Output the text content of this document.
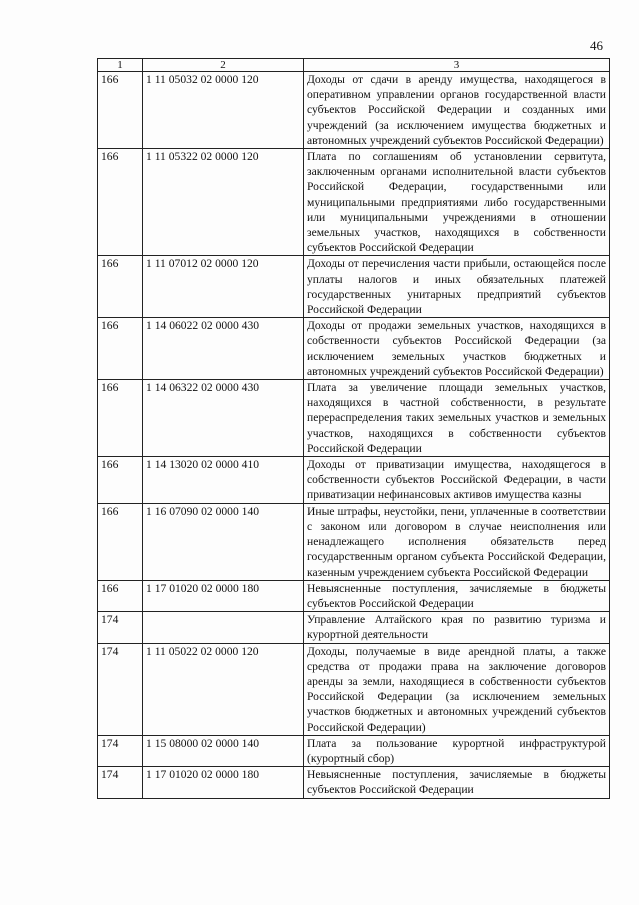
46
1	2	3
166	1 11 05032 02 0000 120	Доходы от сдачи в аренду имущества, находящегося в оперативном управлении органов государственной власти субъектов Российской Федерации и созданных ими учреждений (за исключением имущества бюджетных и автономных учреждений субъектов Российской Федерации)
166	1 11 05322 02 0000 120	Плата по соглашениям об установлении сервитута, заключенным органами исполнительной власти субъектов Российской Федерации, государственными или муниципальными предприятиями либо государственными или муниципальными учреждениями в отношении земельных участков, находящихся в собственности субъектов Российской Федерации
166	1 11 07012 02 0000 120	Доходы от перечисления части прибыли, остающейся после уплаты налогов и иных обязательных платежей государственных унитарных предприятий субъектов Российской Федерации
166	1 14 06022 02 0000 430	Доходы от продажи земельных участков, находящихся в собственности субъектов Российской Федерации (за исключением земельных участков бюджетных и автономных учреждений субъектов Российской Федерации)
166	1 14 06322 02 0000 430	Плата за увеличение площади земельных участков, находящихся в частной собственности, в результате перераспределения таких земельных участков и земельных участков, находящихся в собственности субъектов Российской Федерации
166	1 14 13020 02 0000 410	Доходы от приватизации имущества, находящегося в собственности субъектов Российской Федерации, в части приватизации нефинансовых активов имущества казны
166	1 16 07090 02 0000 140	Иные штрафы, неустойки, пени, уплаченные в соответствии с законом или договором в случае неисполнения или ненадлежащего исполнения обязательств перед государственным органом субъекта Российской Федерации, казенным учреждением субъекта Российской Федерации
166	1 17 01020 02 0000 180	Невыясненные поступления, зачисляемые в бюджеты субъектов Российской Федерации
174		Управление Алтайского края по развитию туризма и курортной деятельности
174	1 11 05022 02 0000 120	Доходы, получаемые в виде арендной платы, а также средства от продажи права на заключение договоров аренды за земли, находящиеся в собственности субъектов Российской Федерации (за исключением земельных участков бюджетных и автономных учреждений субъектов Российской Федерации)
174	1 15 08000 02 0000 140	Плата за пользование курортной инфраструктурой (курортный сбор)
174	1 17 01020 02 0000 180	Невыясненные поступления, зачисляемые в бюджеты субъектов Российской Федерации
